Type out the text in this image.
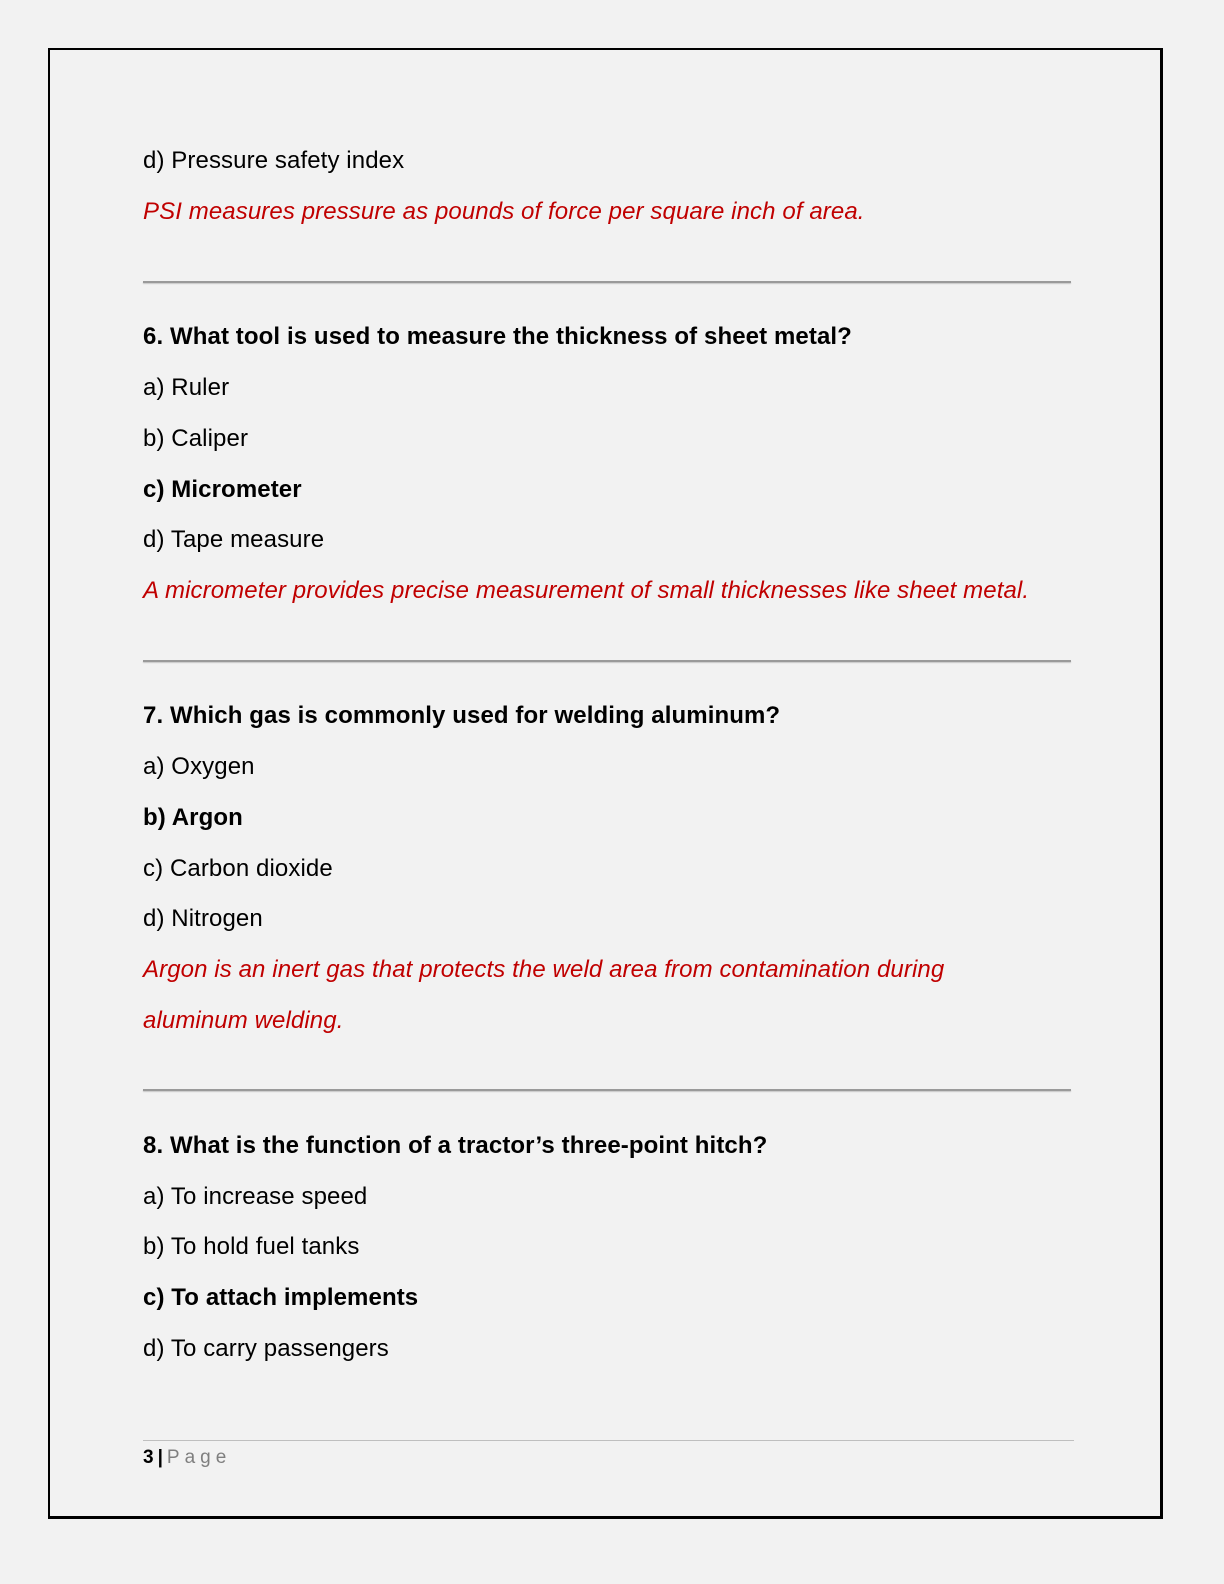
d) Pressure safety index
PSI measures pressure as pounds of force per square inch of area.
6. What tool is used to measure the thickness of sheet metal?
a) Ruler
b) Caliper
c) Micrometer
d) Tape measure
A micrometer provides precise measurement of small thicknesses like sheet metal.
7. Which gas is commonly used for welding aluminum?
a) Oxygen
b) Argon
c) Carbon dioxide
d) Nitrogen
Argon is an inert gas that protects the weld area from contamination during
aluminum welding.
8. What is the function of a tractor’s three-point hitch?
a) To increase speed
b) To hold fuel tanks
c) To attach implements
d) To carry passengers
3 | Page
